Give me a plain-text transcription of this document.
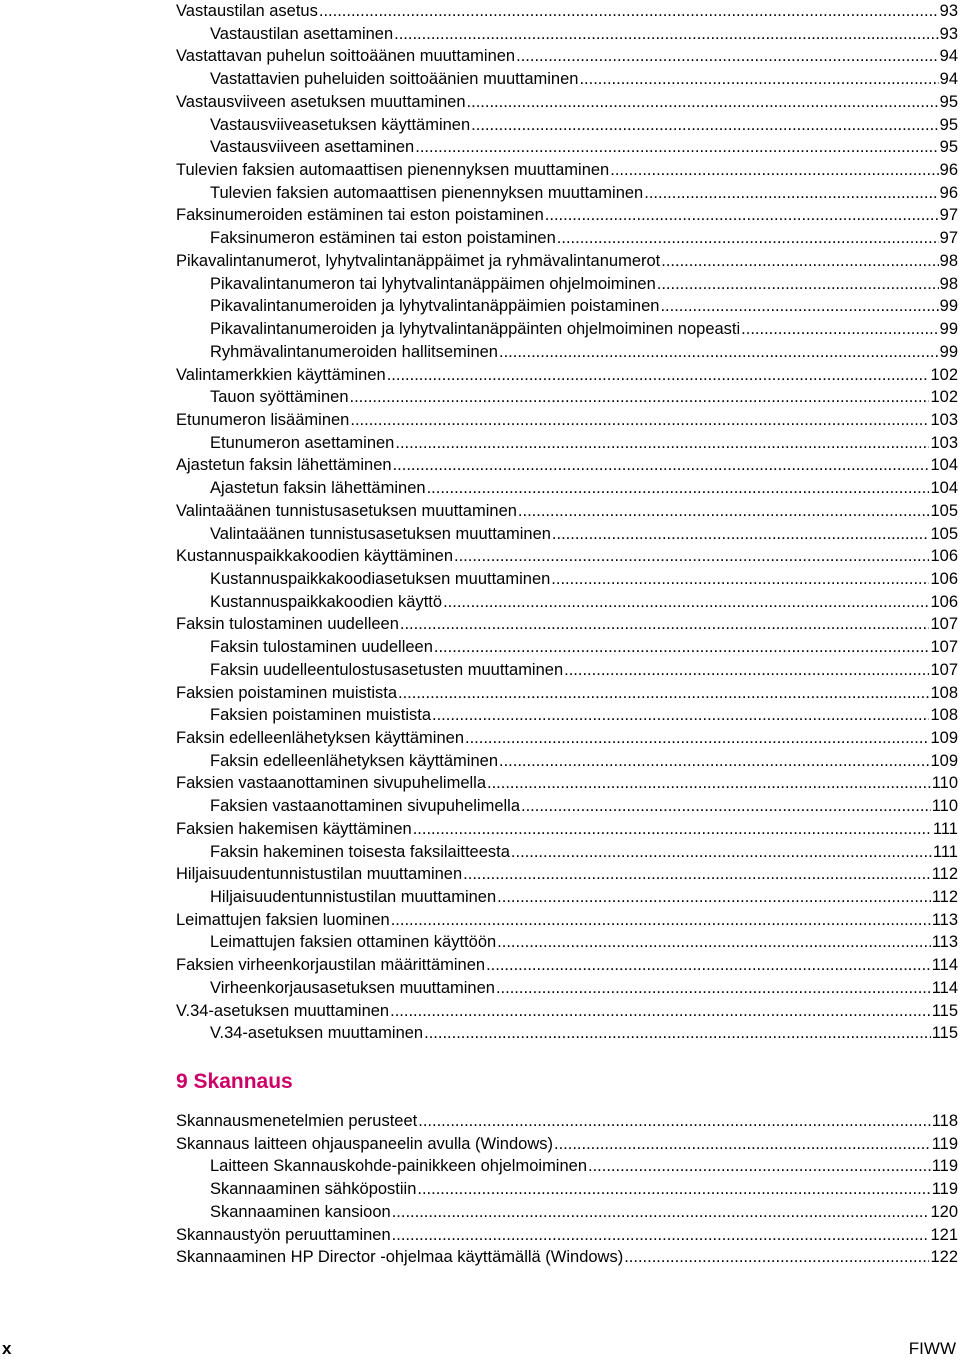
Vastaustilan asetus .....	93
Vastaustilan asettaminen .....	93
Vastattavan puhelun soittoäänen muuttaminen .....	94
Vastattavien puheluiden soittoäänien muuttaminen .....	94
Vastausviiveen asetuksen muuttaminen .....	95
Vastausviiveasetuksen käyttäminen .....	95
Vastausviiveen asettaminen .....	95
Tulevien faksien automaattisen pienennyksen muuttaminen .....	96
Tulevien faksien automaattisen pienennyksen muuttaminen .....	96
Faksinumeroiden estäminen tai eston poistaminen .....	97
Faksinumeron estäminen tai eston poistaminen .....	97
Pikavalintanumerot, lyhytvalintanäppäimet ja ryhmävalintanumerot .....	98
Pikavalintanumeron tai lyhytvalintanäppäimen ohjelmoiminen .....	98
Pikavalintanumeroiden ja lyhytvalintanäppäimien poistaminen .....	99
Pikavalintanumeroiden ja lyhytvalintanäppäinten ohjelmoiminen nopeasti .....	99
Ryhmävalintanumeroiden hallitseminen .....	99
Valintamerkkien käyttäminen .....	102
Tauon syöttäminen .....	102
Etunumeron lisääminen .....	103
Etunumeron asettaminen .....	103
Ajastetun faksin lähettäminen .....	104
Ajastetun faksin lähettäminen .....	104
Valintaäänen tunnistusasetuksen muuttaminen .....	105
Valintaäänen tunnistusasetuksen muuttaminen .....	105
Kustannuspaikkakoodien käyttäminen .....	106
Kustannuspaikkakoodiasetuksen muuttaminen .....	106
Kustannuspaikkakoodien käyttö .....	106
Faksin tulostaminen uudelleen .....	107
Faksin tulostaminen uudelleen .....	107
Faksin uudelleentulostusasetusten muuttaminen .....	107
Faksien poistaminen muistista .....	108
Faksien poistaminen muistista .....	108
Faksin edelleenlähetyksen käyttäminen .....	109
Faksin edelleenlähetyksen käyttäminen .....	109
Faksien vastaanottaminen sivupuhelimella .....	110
Faksien vastaanottaminen sivupuhelimella .....	110
Faksien hakemisen käyttäminen .....	111
Faksin hakeminen toisesta faksilaitteesta .....	111
Hiljaisuudentunnistustilan muuttaminen .....	112
Hiljaisuudentunnistustilan muuttaminen .....	112
Leimattujen faksien luominen .....	113
Leimattujen faksien ottaminen käyttöön .....	113
Faksien virheenkorjaustilan määrittäminen .....	114
Virheenkorjausasetuksen muuttaminen .....	114
V.34-asetuksen muuttaminen .....	115
V.34-asetuksen muuttaminen .....	115
9 Skannaus
Skannausmenetelmien perusteet .....	118
Skannaus laitteen ohjauspaneelin avulla (Windows) .....	119
Laitteen Skannauskohde-painikkeen ohjelmoiminen .....	119
Skannaaminen sähköpostiin .....	119
Skannaaminen kansioon .....	120
Skannaustyön peruuttaminen .....	121
Skannaaminen HP Director -ohjelmaa käyttämällä (Windows) .....	122
x	FIWW
